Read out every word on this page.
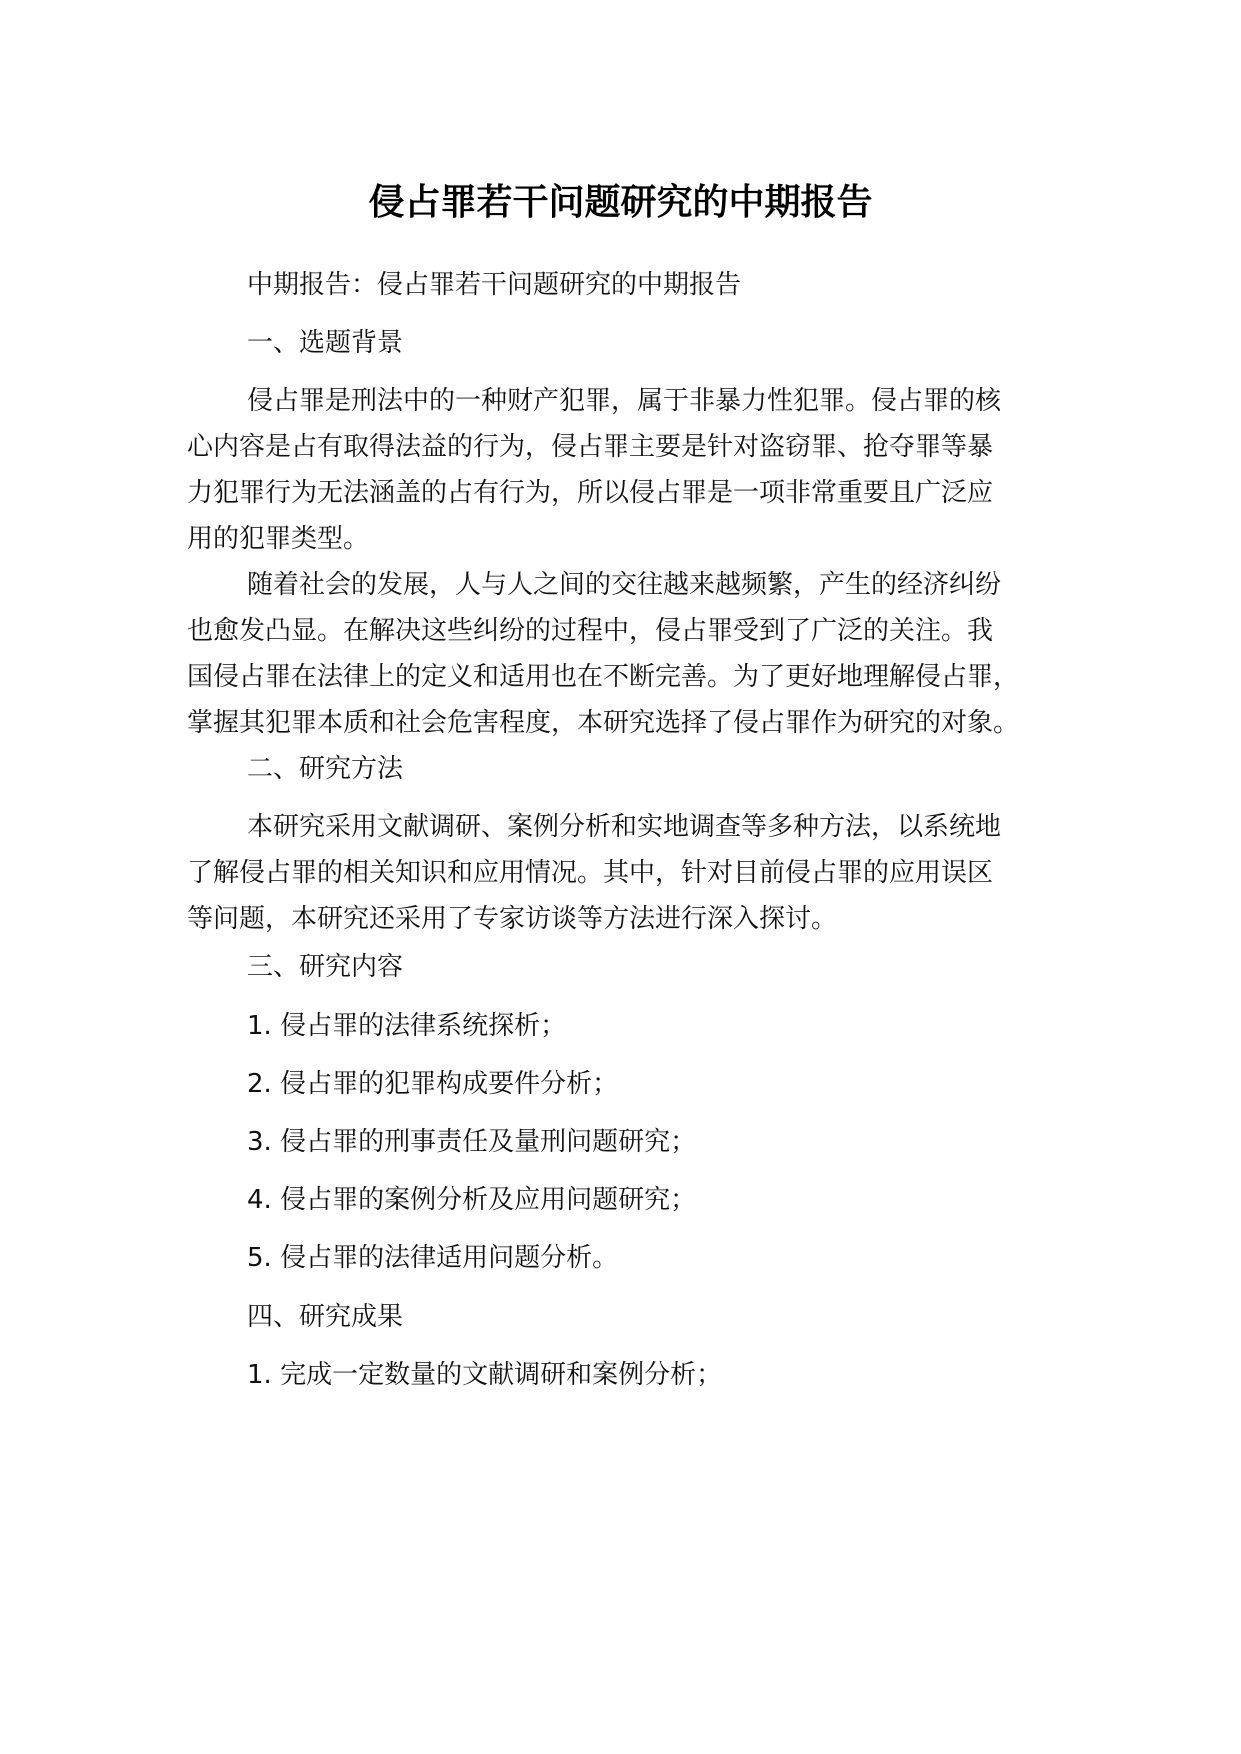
侵占罪若干问题研究的中期报告

中期报告：侵占罪若干问题研究的中期报告

一、选题背景

侵占罪是刑法中的一种财产犯罪，属于非暴力性犯罪。侵占罪的核
心内容是占有取得法益的行为，侵占罪主要是针对盗窃罪、抢夺罪等暴
力犯罪行为无法涵盖的占有行为，所以侵占罪是一项非常重要且广泛应
用的犯罪类型。
随着社会的发展，人与人之间的交往越来越频繁，产生的经济纠纷
也愈发凸显。在解决这些纠纷的过程中，侵占罪受到了广泛的关注。我
国侵占罪在法律上的定义和适用也在不断完善。为了更好地理解侵占罪，
掌握其犯罪本质和社会危害程度，本研究选择了侵占罪作为研究的对象。

二、研究方法

本研究采用文献调研、案例分析和实地调查等多种方法，以系统地
了解侵占罪的相关知识和应用情况。其中，针对目前侵占罪的应用误区
等问题，本研究还采用了专家访谈等方法进行深入探讨。

三、研究内容

1. 侵占罪的法律系统探析；

2. 侵占罪的犯罪构成要件分析；

3. 侵占罪的刑事责任及量刑问题研究；

4. 侵占罪的案例分析及应用问题研究；

5. 侵占罪的法律适用问题分析。

四、研究成果

1. 完成一定数量的文献调研和案例分析；
